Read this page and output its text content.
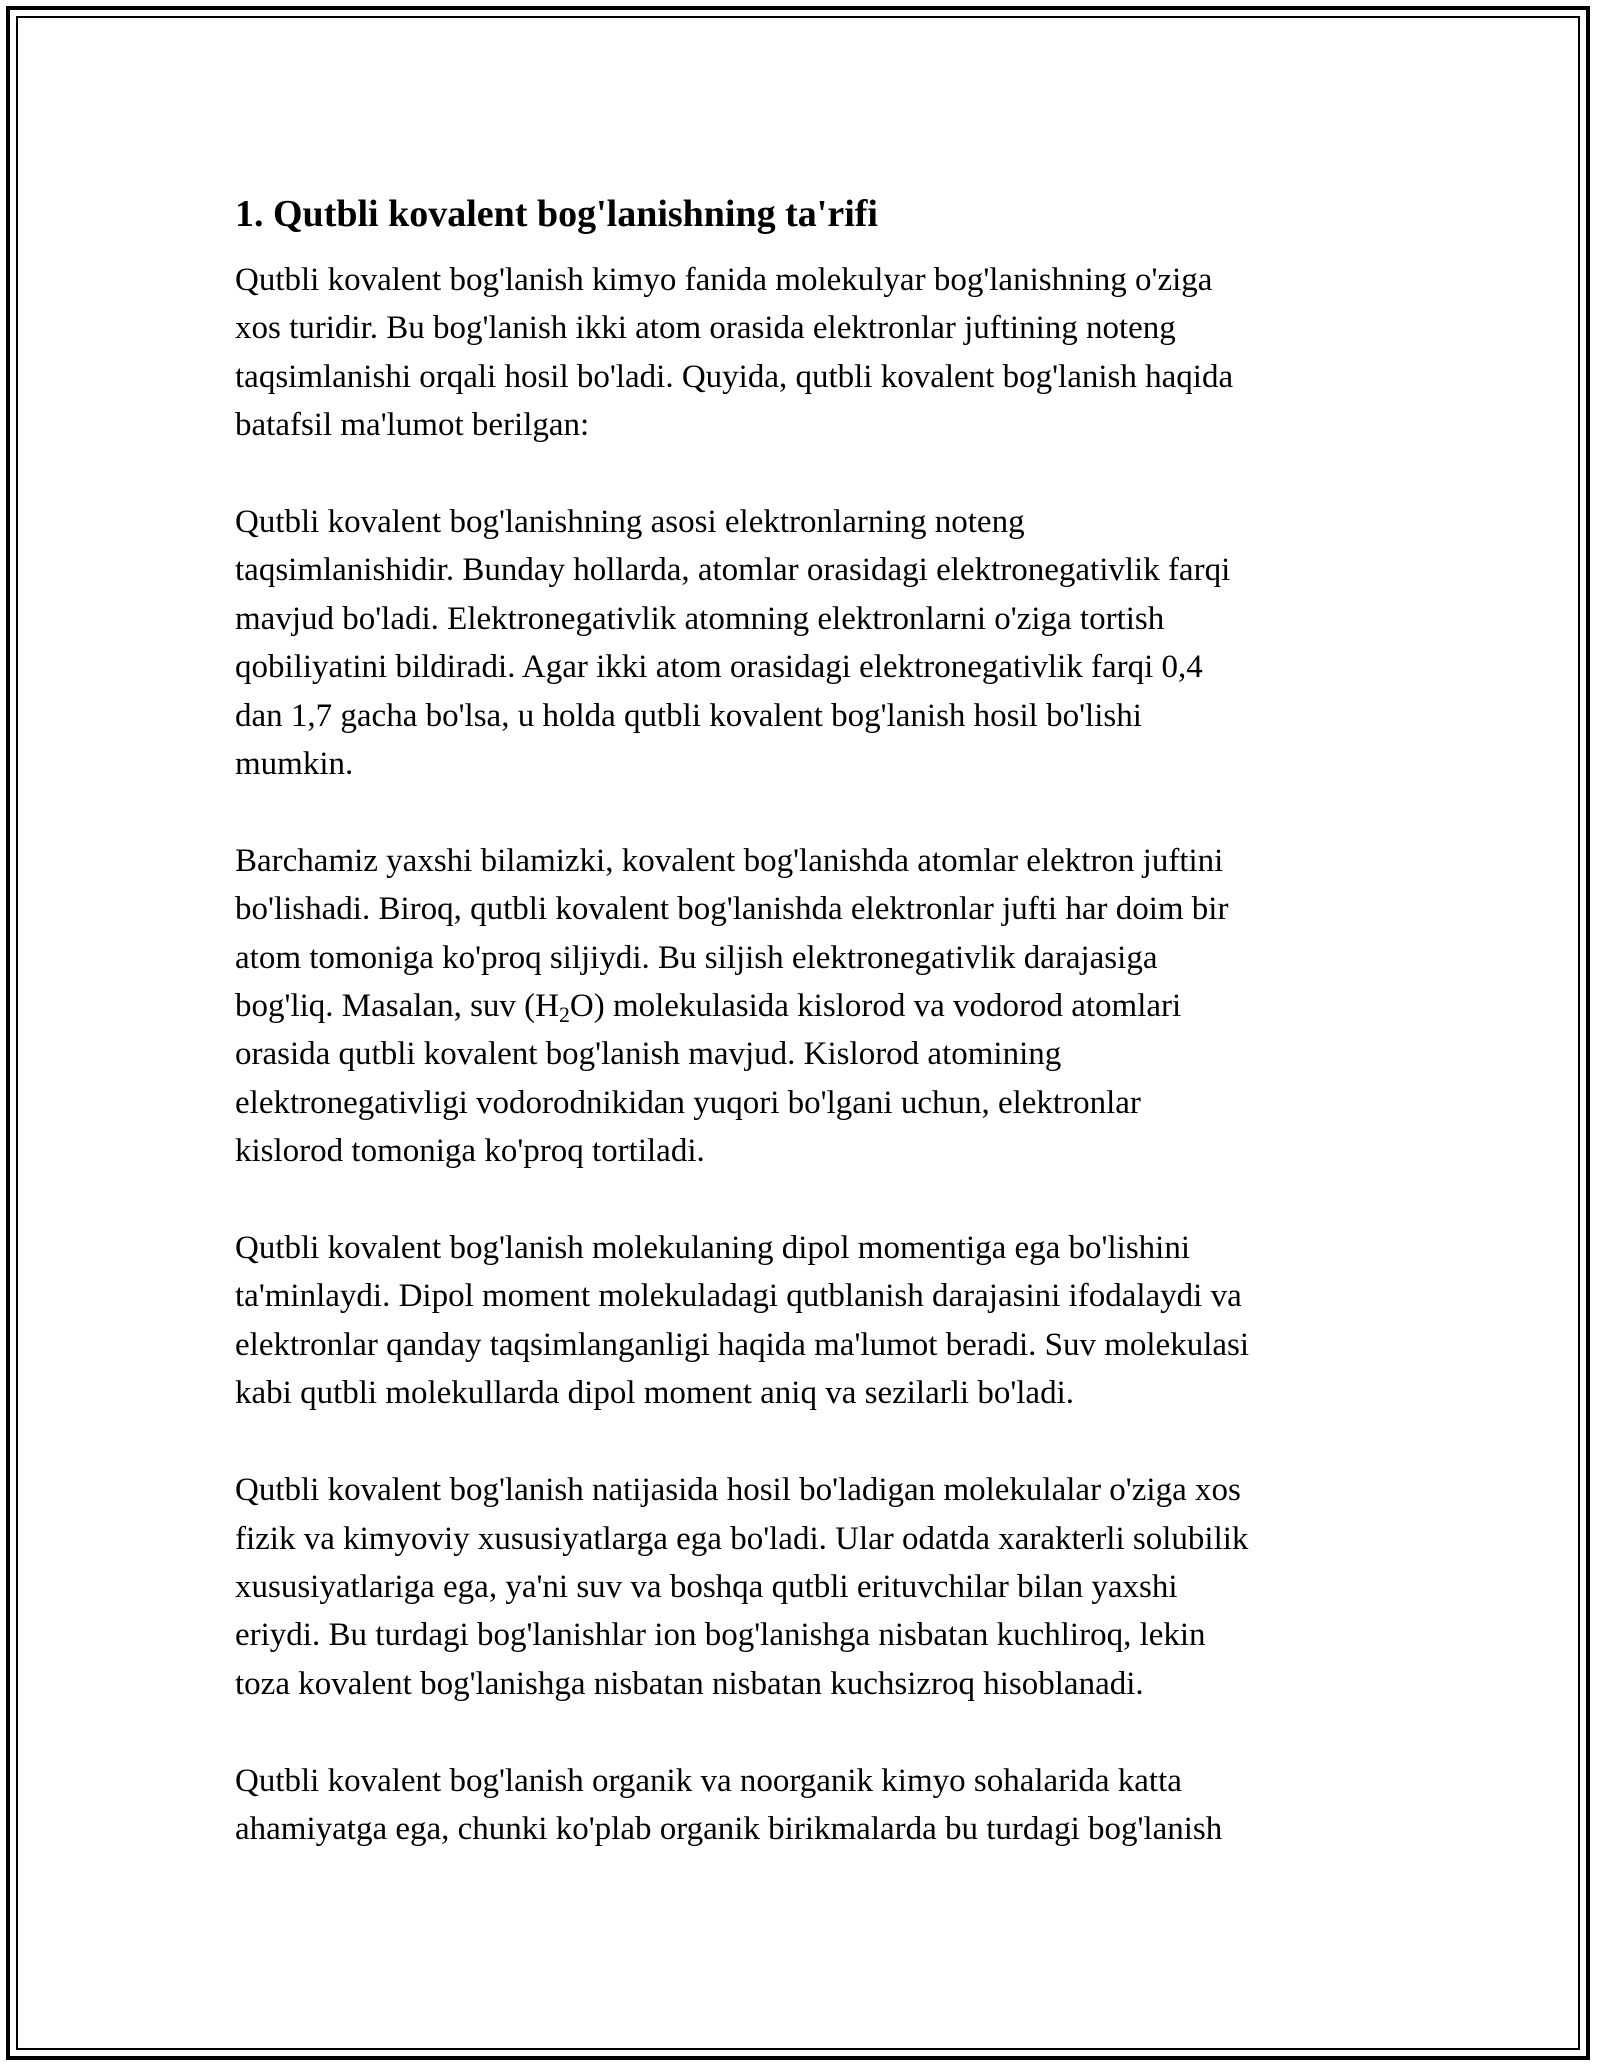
1. Qutbli kovalent bog'lanishning ta'rifi

Qutbli kovalent bog'lanish kimyo fanida molekulyar bog'lanishning o'ziga
xos turidir. Bu bog'lanish ikki atom orasida elektronlar juftining noteng
taqsimlanishi orqali hosil bo'ladi. Quyida, qutbli kovalent bog'lanish haqida
batafsil ma'lumot berilgan:

Qutbli kovalent bog'lanishning asosi elektronlarning noteng
taqsimlanishidir. Bunday hollarda, atomlar orasidagi elektronegativlik farqi
mavjud bo'ladi. Elektronegativlik atomning elektronlarni o'ziga tortish
qobiliyatini bildiradi. Agar ikki atom orasidagi elektronegativlik farqi 0,4
dan 1,7 gacha bo'lsa, u holda qutbli kovalent bog'lanish hosil bo'lishi
mumkin.

Barchamiz yaxshi bilamizki, kovalent bog'lanishda atomlar elektron juftini
bo'lishadi. Biroq, qutbli kovalent bog'lanishda elektronlar jufti har doim bir
atom tomoniga ko'proq siljiydi. Bu siljish elektronegativlik darajasiga
bog'liq. Masalan, suv $(H_2O)$ molekulasida kislorod va vodorod atomlari
orasida qutbli kovalent bog'lanish mavjud. Kislorod atomining
elektronegativligi vodorodnikidan yuqori bo'lgani uchun, elektronlar
kislorod tomoniga ko'proq tortiladi.

Qutbli kovalent bog'lanish molekulaning dipol momentiga ega bo'lishini
ta'minlaydi. Dipol moment molekuladagi qutblanish darajasini ifodalaydi va
elektronlar qanday taqsimlanganligi haqida ma'lumot beradi. Suv molekulasi
kabi qutbli molekullarda dipol moment aniq va sezilarli bo'ladi.

Qutbli kovalent bog'lanish natijasida hosil bo'ladigan molekulalar o'ziga xos
fizik va kimyoviy xususiyatlarga ega bo'ladi. Ular odatda xarakterli solubilik
xususiyatlariga ega, ya'ni suv va boshqa qutbli erituvchilar bilan yaxshi
eriydi. Bu turdagi bog'lanishlar ion bog'lanishga nisbatan kuchliroq, lekin
toza kovalent bog'lanishga nisbatan nisbatan kuchsizroq hisoblanadi.

Qutbli kovalent bog'lanish organik va noorganik kimyo sohalarida katta
ahamiyatga ega, chunki ko'plab organik birikmalarda bu turdagi bog'lanish
